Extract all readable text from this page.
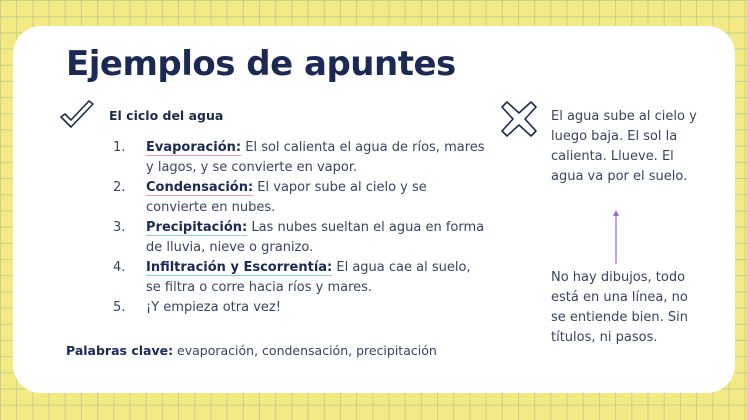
Ejemplos de apuntes
El ciclo del agua
1. Evaporación: El sol calienta el agua de ríos, mares y lagos, y se convierte en vapor.
2. Condensación: El vapor sube al cielo y se convierte en nubes.
3. Precipitación: Las nubes sueltan el agua en forma de lluvia, nieve o granizo.
4. Infiltración y Escorrentía: El agua cae al suelo, se filtra o corre hacia ríos y mares.
5. ¡Y empieza otra vez!
Palabras clave: evaporación, condensación, precipitación
El agua sube al cielo y luego baja. El sol la calienta. Llueve. El agua va por el suelo.
No hay dibujos, todo está en una línea, no se entiende bien. Sin títulos, ni pasos.
